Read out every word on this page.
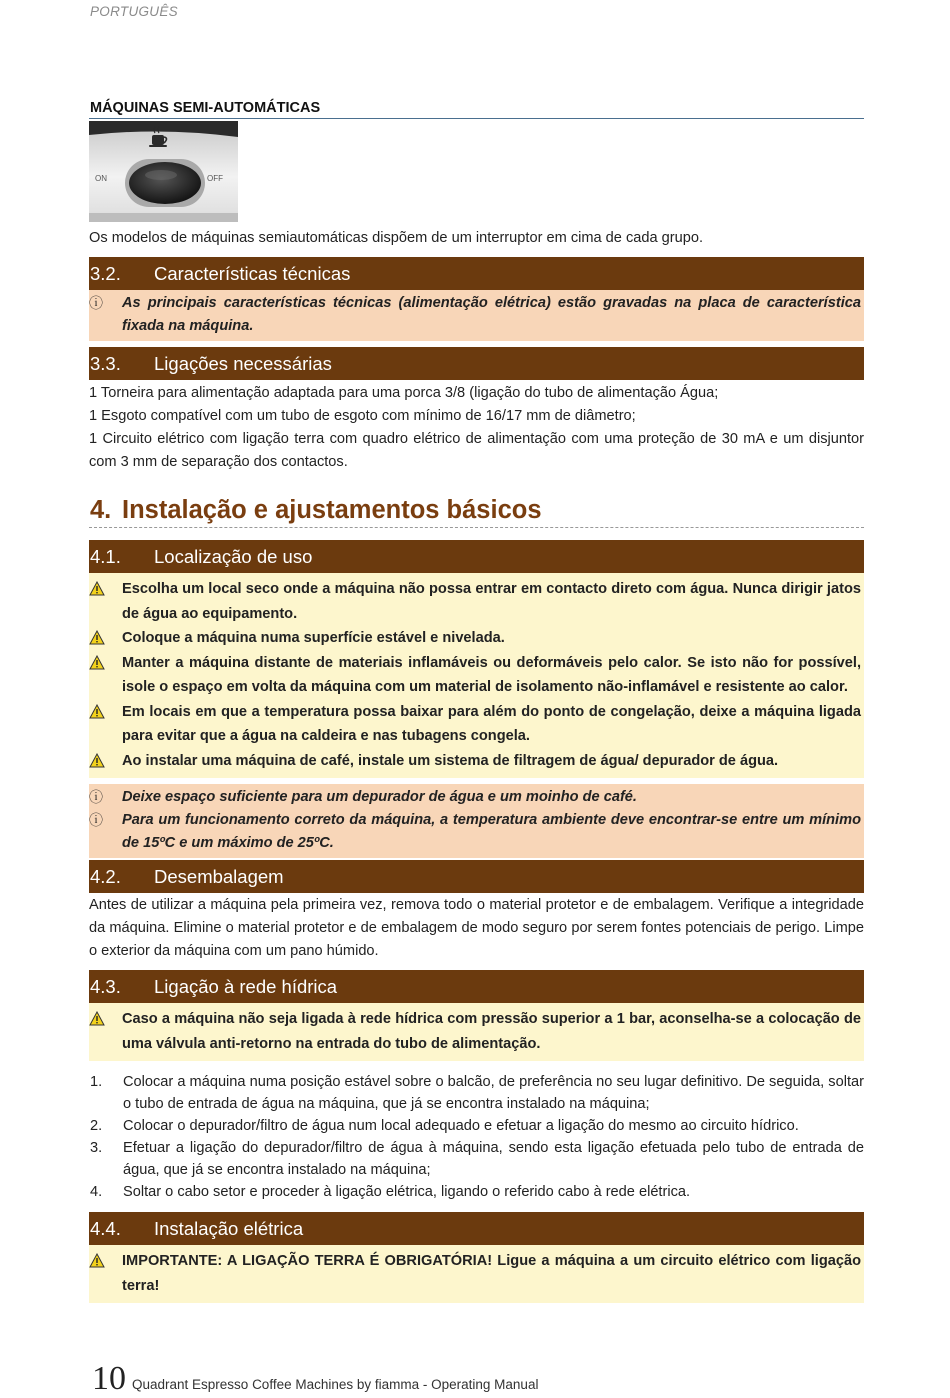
PORTUGUÊS
MÁQUINAS SEMI-AUTOMÁTICAS
ON	OFF

Os modelos de máquinas semiautomáticas dispõem de um interruptor em cima de cada grupo.

3.2.	Características técnicas
ⓘ	As principais características técnicas (alimentação elétrica) estão gravadas na placa de característica fixada na máquina.
3.3.	Ligações necessárias

1 Torneira para alimentação adaptada para uma porca 3/8 (ligação do tubo de alimentação Água;

1 Esgoto compatível com um tubo de esgoto com mínimo de 16/17 mm de diâmetro;

1 Circuito elétrico com ligação terra com quadro elétrico de alimentação com uma proteção de 30 mA e um disjuntor com 3 mm de separação dos contactos.

4. Instalação e ajustamentos básicos
4.1.	Localização de uso
Escolha um local seco onde a máquina não possa entrar em contacto direto com água. Nunca dirigir jatos de água ao equipamento.
Coloque a máquina numa superfície estável e nivelada.
Manter a máquina distante de materiais inflamáveis ou deformáveis pelo calor. Se isto não for possível, isole o espaço em volta da máquina com um material de isolamento não-inflamável e resistente ao calor.
Em locais em que a temperatura possa baixar para além do ponto de congelação, deixe a máquina ligada para evitar que a água na caldeira e nas tubagens congela.
Ao instalar uma máquina de café, instale um sistema de filtragem de água/ depurador de água.
ⓘ	Deixe espaço suficiente para um depurador de água e um moinho de café.
ⓘ	Para um funcionamento correto da máquina, a temperatura ambiente deve encontrar-se entre um mínimo de 15ºC e um máximo de 25ºC.
4.2.	Desembalagem

Antes de utilizar a máquina pela primeira vez, remova todo o material protetor e de embalagem. Verifique a integridade da máquina. Elimine o material protetor e de embalagem de modo seguro por serem fontes potenciais de perigo. Limpe o exterior da máquina com um pano húmido.

4.3.	Ligação à rede hídrica
Caso a máquina não seja ligada à rede hídrica com pressão superior a 1 bar, aconselha-se a colocação de uma válvula anti-retorno na entrada do tubo de alimentação.
1.	Colocar a máquina numa posição estável sobre o balcão, de preferência no seu lugar definitivo. De seguida, soltar o tubo de entrada de água na máquina, que já se encontra instalado na máquina;
2.	Colocar o depurador/filtro de água num local adequado e efetuar a ligação do mesmo ao circuito hídrico.
3.	Efetuar a ligação do depurador/filtro de água à máquina, sendo esta ligação efetuada pelo tubo de entrada de água, que já se encontra instalado na máquina;
4.	Soltar o cabo setor e proceder à ligação elétrica, ligando o referido cabo à rede elétrica.
4.4.	Instalação elétrica
IMPORTANTE: A LIGAÇÃO TERRA É OBRIGATÓRIA! Ligue a máquina a um circuito elétrico com ligação terra!
10 Quadrant Espresso Coffee Machines by fiamma - Operating Manual
